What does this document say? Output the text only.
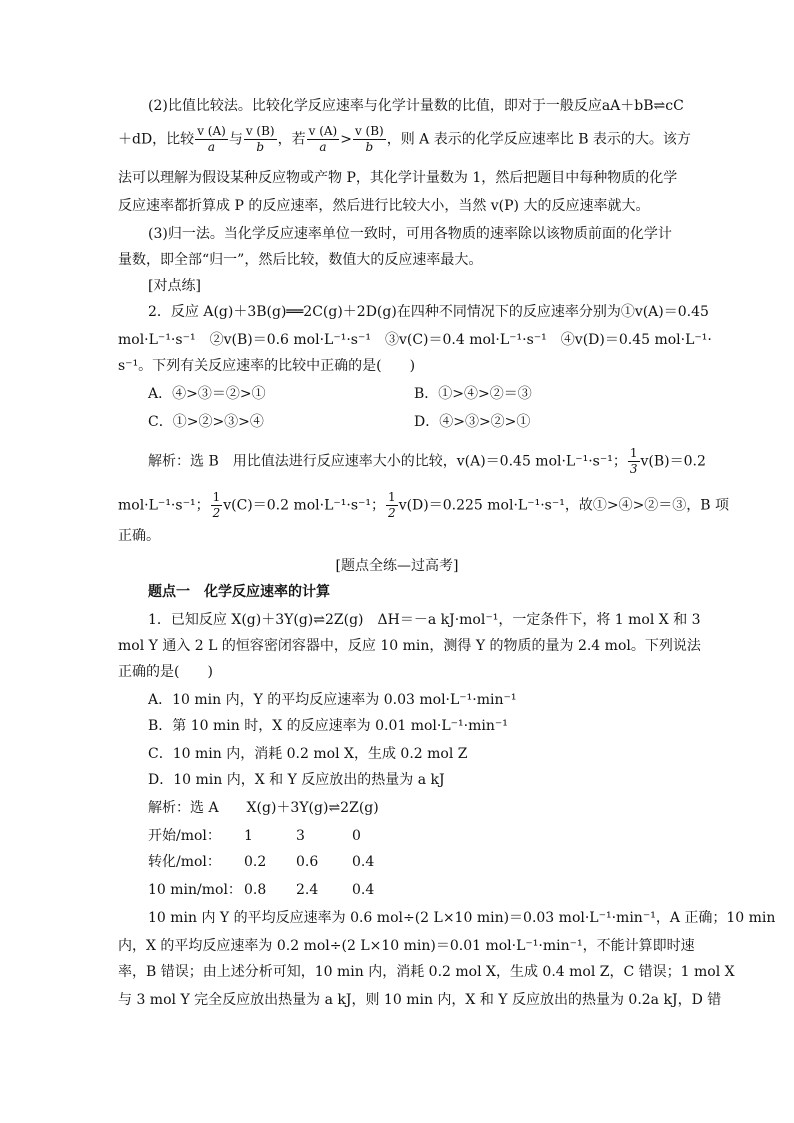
(2)比值比较法。比较化学反应速率与化学计量数的比值，即对于一般反应aA＋bB⇌cC
＋dD，比较 $\frac{v (A)}{a}$ 与 $\frac{v (B)}{b}$ ，若 $\frac{v (A)}{a} > \frac{v (B)}{b}$ ，则 A 表示的化学反应速率比 B 表示的大。该方
法可以理解为假设某种反应物或产物 P，其化学计量数为 1，然后把题目中每种物质的化学
反应速率都折算成 P 的反应速率，然后进行比较大小，当然 v(P) 大的反应速率就大。
(3)归一法。当化学反应速率单位一致时，可用各物质的速率除以该物质前面的化学计
量数，即全部“归一”，然后比较，数值大的反应速率最大。
[对点练]
2．反应 A(g)＋3B(g)══2C(g)＋2D(g)在四种不同情况下的反应速率分别为①v(A)＝0.45
mol·L⁻¹·s⁻¹　②v(B)＝0.6 mol·L⁻¹·s⁻¹　③v(C)＝0.4 mol·L⁻¹·s⁻¹　④v(D)＝0.45 mol·L⁻¹·
s⁻¹。下列有关反应速率的比较中正确的是(　　)
A．④>③＝②>①	B．①>④>②＝③
C．①>②>③>④	D．④>③>②>①
解析：选 B　用比值法进行反应速率大小的比较，v(A)＝0.45 mol·L⁻¹·s⁻¹； $\frac{1}{3} v(B)=0.2$
mol·L⁻¹·s⁻¹； $\frac{1}{2} v(C)=0.2$ mol·L⁻¹·s⁻¹； $\frac{1}{2} v(D)=0.225$ mol·L⁻¹·s⁻¹，故①>④>②＝③，B 项
正确。
[题点全练—过高考]
题点一　化学反应速率的计算
1．已知反应 X(g)＋3Y(g)⇌2Z(g)　ΔH＝－a kJ·mol⁻¹，一定条件下，将 1 mol X 和 3
mol Y 通入 2 L 的恒容密闭容器中，反应 10 min，测得 Y 的物质的量为 2.4 mol。下列说法
正确的是(　　)
A．10 min 内，Y 的平均反应速率为 0.03 mol·L⁻¹·min⁻¹
B．第 10 min 时，X 的反应速率为 0.01 mol·L⁻¹·min⁻¹
C．10 min 内，消耗 0.2 mol X，生成 0.2 mol Z
D．10 min 内，X 和 Y 反应放出的热量为 a kJ
解析：选 A　　X(g)＋3Y(g)⇌2Z(g)
开始/mol： 1	3	0
转化/mol： 0.2 0.6 0.4
10 min/mol： 0.8 2.4 0.4
10 min 内 Y 的平均反应速率为 0.6 mol÷(2 L×10 min)＝0.03 mol·L⁻¹·min⁻¹，A 正确；10 min
内，X 的平均反应速率为 0.2 mol÷(2 L×10 min)＝0.01 mol·L⁻¹·min⁻¹，不能计算即时速
率，B 错误；由上述分析可知，10 min 内，消耗 0.2 mol X，生成 0.4 mol Z，C 错误；1 mol X
与 3 mol Y 完全反应放出热量为 a kJ，则 10 min 内，X 和 Y 反应放出的热量为 0.2a kJ，D 错
